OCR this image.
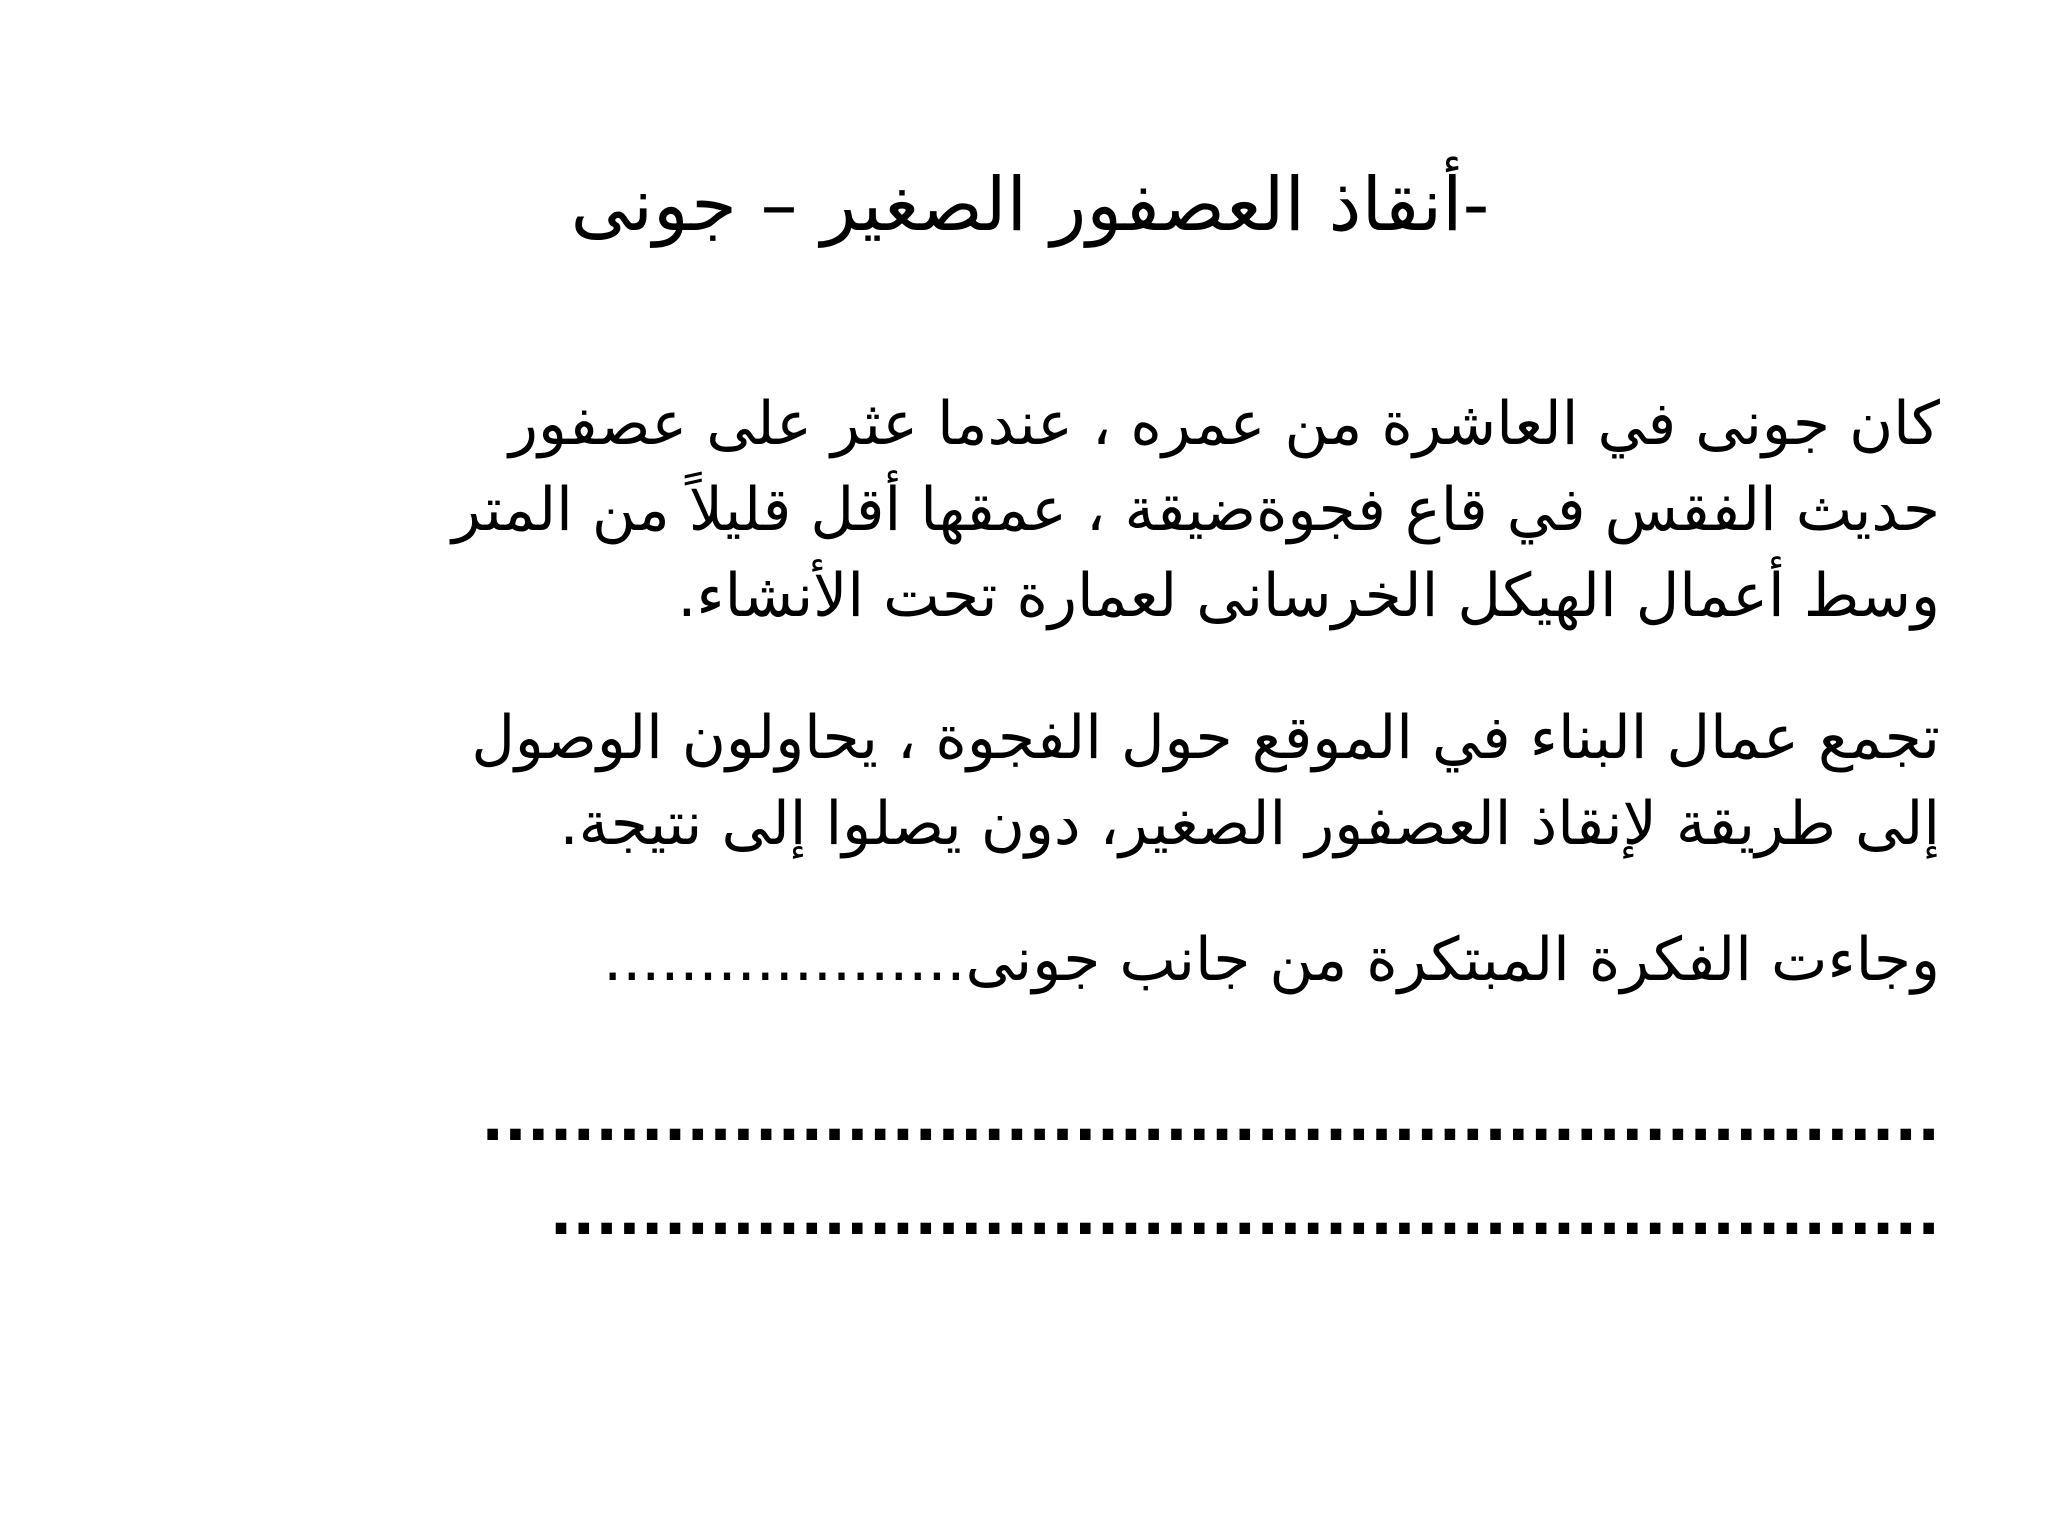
-أنقاذ العصفور الصغير – جونى

كان جونى في العاشرة من عمره ، عندما عثر على عصفور

حديث الفقس في قاع فجوةضيقة ، عمقها أقل قليلاً من المتر

وسط أعمال الهيكل الخرسانى لعمارة تحت الأنشاء.

تجمع عمال البناء في الموقع حول الفجوة ، يحاولون الوصول

إلى طريقة لإنقاذ العصفور الصغير، دون يصلوا إلى نتيجة.

وجاءت الفكرة المبتكرة من جانب جونى...................

................................................................

.............................................................
